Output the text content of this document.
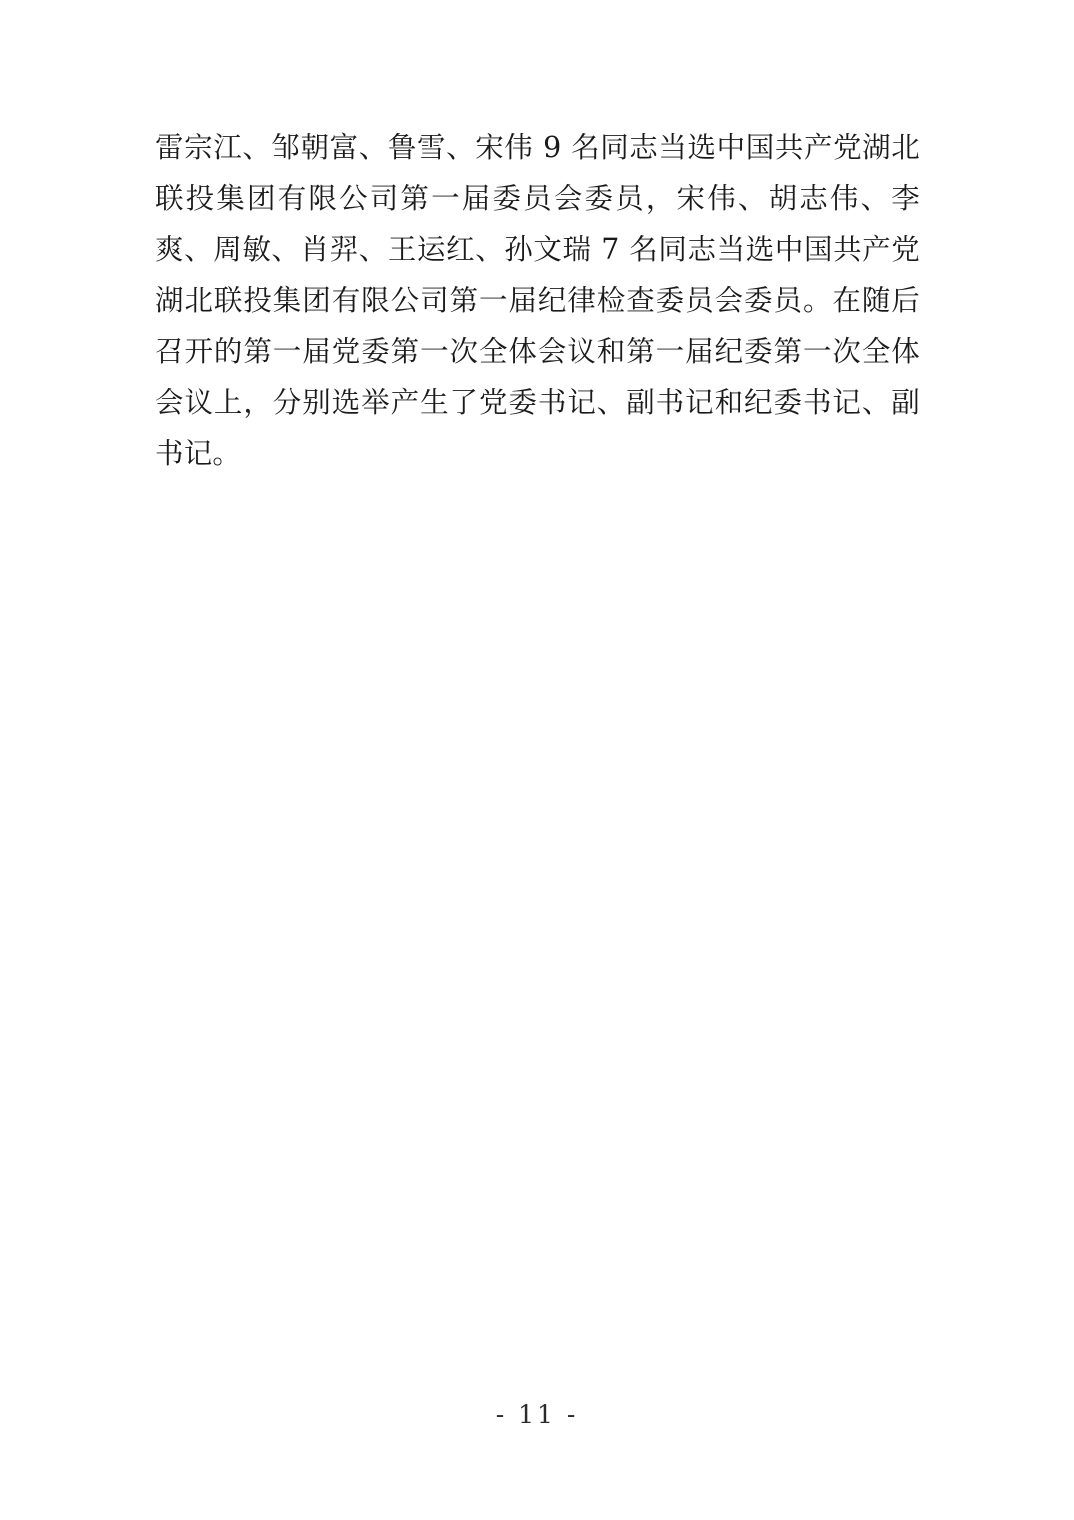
雷宗江、邹朝富、鲁雪、宋伟 9 名同志当选中国共产党湖北联投集团有限公司第一届委员会委员，宋伟、胡志伟、李爽、周敏、肖羿、王运红、孙文瑞 7 名同志当选中国共产党湖北联投集团有限公司第一届纪律检查委员会委员。在随后召开的第一届党委第一次全体会议和第一届纪委第一次全体会议上，分别选举产生了党委书记、副书记和纪委书记、副书记。

- 11 -
